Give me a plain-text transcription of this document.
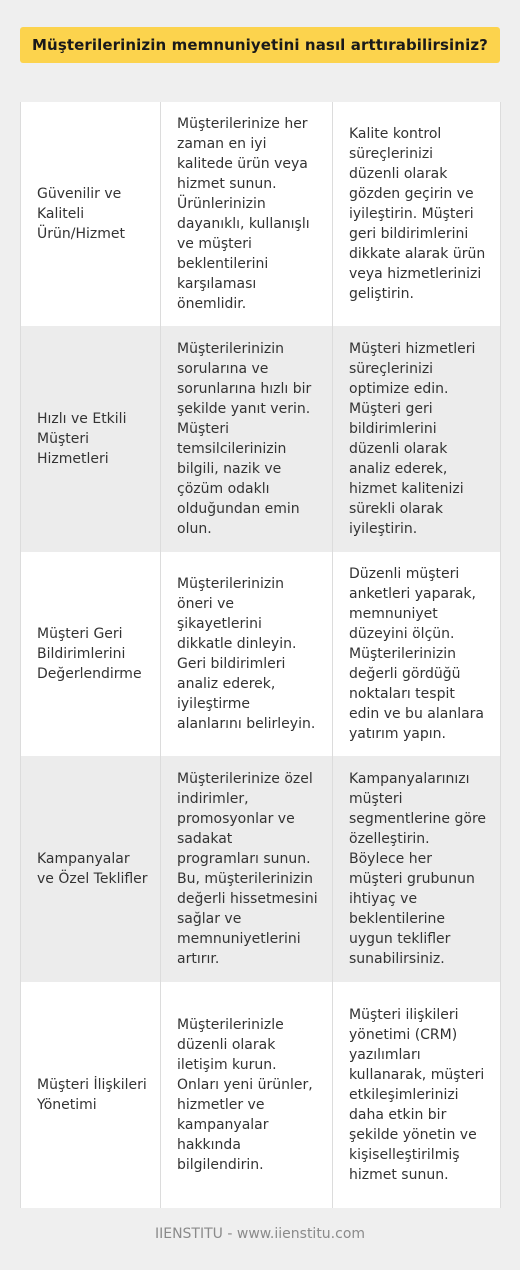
Müşterilerinizin memnuniyetini nasıl arttırabilirsiniz?
Güvenilir ve Kaliteli Ürün/Hizmet	Müşterilerinize her zaman en iyi kalitede ürün veya hizmet sunun. Ürünlerinizin dayanıklı, kullanışlı ve müşteri beklentilerini karşılaması önemlidir.	Kalite kontrol süreçlerinizi düzenli olarak gözden geçirin ve iyileştirin. Müşteri geri bildirimlerini dikkate alarak ürün veya hizmetlerinizi geliştirin.
Hızlı ve Etkili Müşteri Hizmetleri	Müşterilerinizin sorularına ve sorunlarına hızlı bir şekilde yanıt verin. Müşteri temsilcilerinizin bilgili, nazik ve çözüm odaklı olduğundan emin olun.	Müşteri hizmetleri süreçlerinizi optimize edin. Müşteri geri bildirimlerini düzenli olarak analiz ederek, hizmet kalitenizi sürekli olarak iyileştirin.
Müşteri Geri Bildirimlerini Değerlendirme	Müşterilerinizin öneri ve şikayetlerini dikkatle dinleyin. Geri bildirimleri analiz ederek, iyileştirme alanlarını belirleyin.	Düzenli müşteri anketleri yaparak, memnuniyet düzeyini ölçün. Müşterilerinizin değerli gördüğü noktaları tespit edin ve bu alanlara yatırım yapın.
Kampanyalar ve Özel Teklifler	Müşterilerinize özel indirimler, promosyonlar ve sadakat programları sunun. Bu, müşterilerinizin değerli hissetmesini sağlar ve memnuniyetlerini artırır.	Kampanyalarınızı müşteri segmentlerine göre özelleştirin. Böylece her müşteri grubunun ihtiyaç ve beklentilerine uygun teklifler sunabilirsiniz.
Müşteri İlişkileri Yönetimi	Müşterilerinizle düzenli olarak iletişim kurun. Onları yeni ürünler, hizmetler ve kampanyalar hakkında bilgilendirin.	Müşteri ilişkileri yönetimi (CRM) yazılımları kullanarak, müşteri etkileşimlerinizi daha etkin bir şekilde yönetin ve kişiselleştirilmiş hizmet sunun.
IIENSTITU - www.iienstitu.com
